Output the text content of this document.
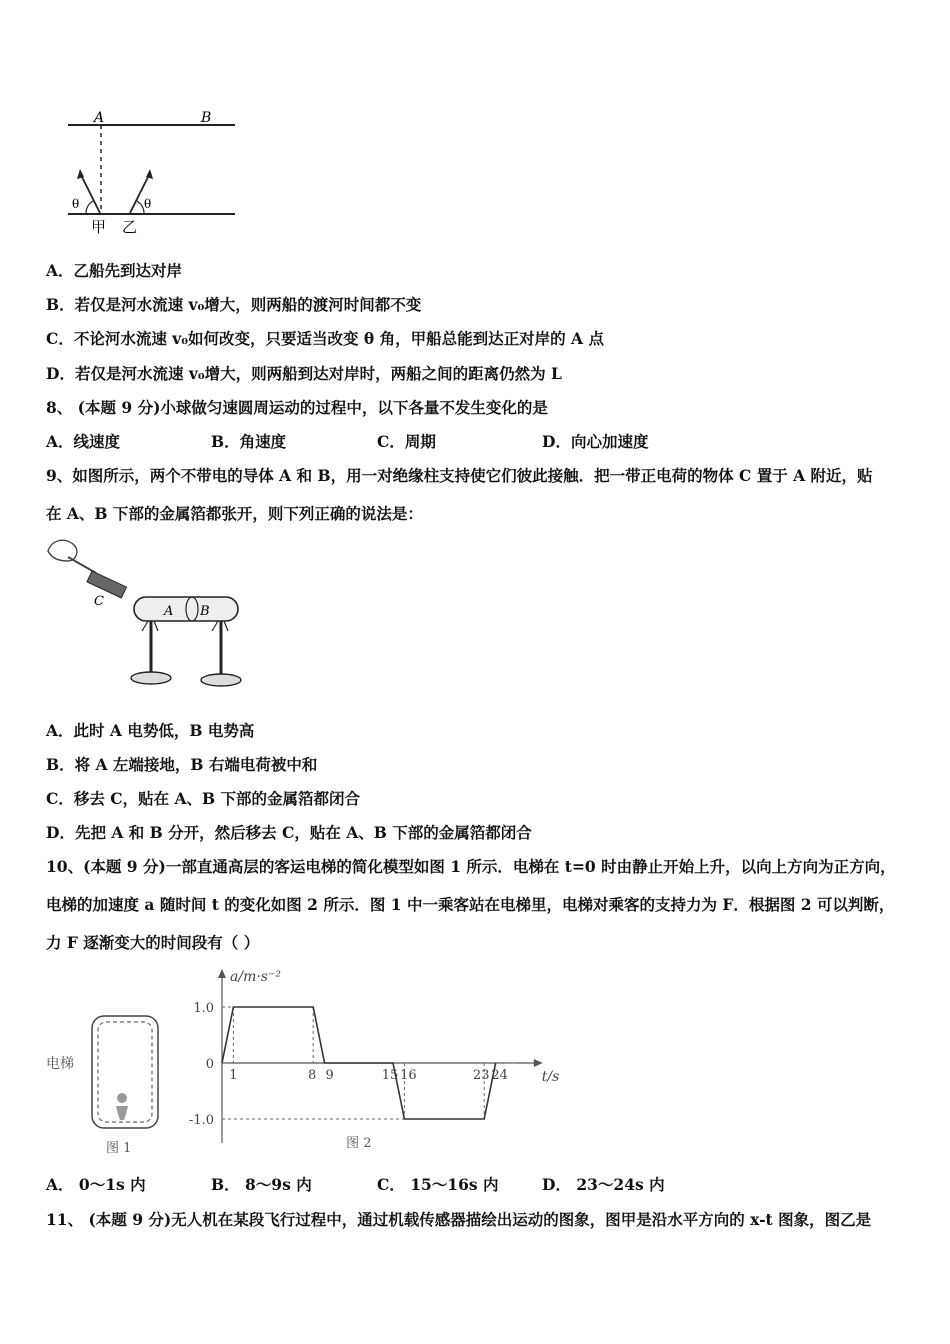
A	B
θ	θ
甲 乙
A．乙船先到达对岸
B．若仅是河水流速 v₀增大，则两船的渡河时间都不变
C．不论河水流速 v₀如何改变，只要适当改变 θ 角，甲船总能到达正对岸的 A 点
D．若仅是河水流速 v₀增大，则两船到达对岸时，两船之间的距离仍然为 L
8、 (本题 9 分)小球做匀速圆周运动的过程中，以下各量不发生变化的是
A．线速度	B．角速度	C．周期	D．向心加速度
9、如图所示，两个不带电的导体 A 和 B，用一对绝缘柱支持使它们彼此接触．把一带正电荷的物体 C 置于 A 附近，贴
在 A、B 下部的金属箔都张开，则下列正确的说法是：
C
A B
A．此时 A 电势低，B 电势高
B．将 A 左端接地，B 右端电荷被中和
C．移去 C，贴在 A、B 下部的金属箔都闭合
D．先把 A 和 B 分开，然后移去 C，贴在 A、B 下部的金属箔都闭合
10、(本题 9 分)一部直通高层的客运电梯的简化模型如图 1 所示．电梯在 t=0 时由静止开始上升，以向上方向为正方向，
电梯的加速度 a 随时间 t 的变化如图 2 所示．图 1 中一乘客站在电梯里，电梯对乘客的支持力为 F．根据图 2 可以判断，
力 F 逐渐变大的时间段有（ ）
电梯
图 1
a/m·s⁻²
t/s
1.0
0
-1.0
1	8 9	15 16	23 24
图 2
A． 0～1s 内	B． 8～9s 内	C． 15～16s 内	D． 23～24s 内
11、 (本题 9 分)无人机在某段飞行过程中，通过机载传感器描绘出运动的图象，图甲是沿水平方向的 x-t 图象，图乙是
